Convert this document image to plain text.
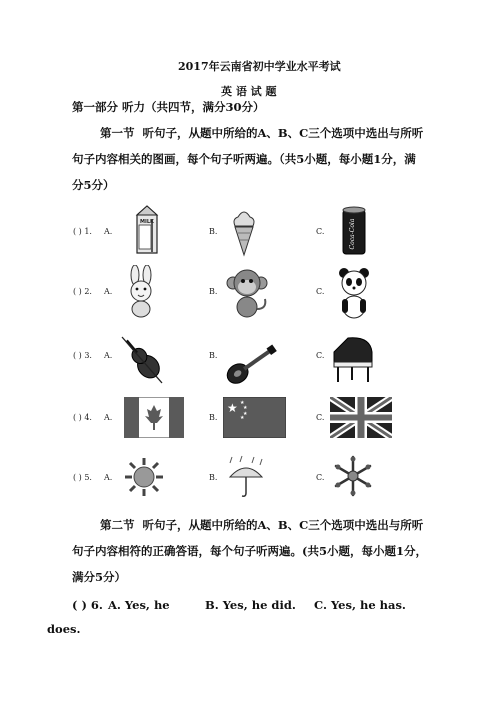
2017年云南省初中学业水平考试
英 语 试 题
第一部分 听力（共四节，满分30分）
第一节 听句子，从题中所给的A、B、C三个选项中选出与所听
句子内容相关的图画，每个句子听两遍。（共5小题，每小题1分，满
分5分）
( ) 1. A.	B.	C.
MILK	Coca-Cola
( ) 2. A.	B.	C.
( ) 3. A.	B.	C.
( ) 4. A.	B.	C.
★ ★
★
★
★
( ) 5. A.	B.	C.
第二节 听句子，从题中所给的A、B、C三个选项中选出与所听
句子内容相符的正确答语，每个句子听两遍。(共5小题，每小题1分，
满分5分）
( ) 6. A. Yes, he	B. Yes, he did. C. Yes, he has.
does.
